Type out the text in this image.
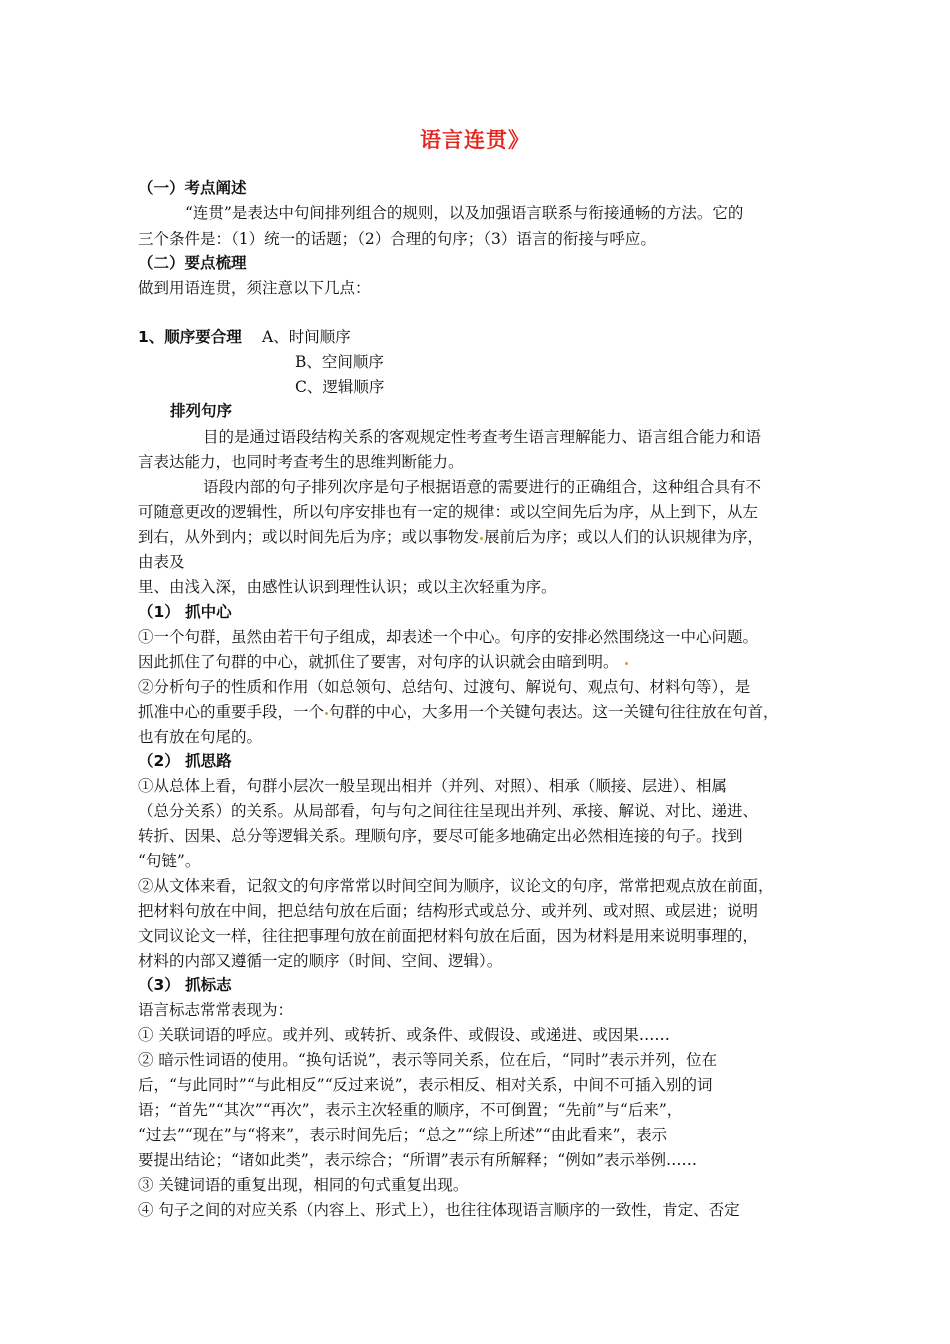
语言连贯》
（一）考点阐述
“连贯”是表达中句间排列组合的规则，以及加强语言联系与衔接通畅的方法。它的
三个条件是：（1）统一的话题；（2）合理的句序；（3）语言的衔接与呼应。
（二）要点梳理
做到用语连贯，须注意以下几点：
1、顺序要合理 A、时间顺序
B、空间顺序
C、逻辑顺序
排列句序
目的是通过语段结构关系的客观规定性考查考生语言理解能力、语言组合能力和语
言表达能力，也同时考查考生的思维判断能力。
语段内部的句子排列次序是句子根据语意的需要进行的正确组合，这种组合具有不
可随意更改的逻辑性，所以句序安排也有一定的规律：或以空间先后为序，从上到下，从左
到右，从外到内；或以时间先后为序；或以事物发 展前后为序；或以人们的认识规律为序，
由表及
里、由浅入深，由感性认识到理性认识；或以主次轻重为序。
（1） 抓中心
①一个句群，虽然由若干句子组成，却表述一个中心。句序的安排必然围绕这一中心问题。
因此抓住了句群的中心，就抓住了要害，对句序的认识就会由暗到明。
②分析句子的性质和作用（如总领句、总结句、过渡句、解说句、观点句、材料句等），是
抓准中心的重要手段，一个 句群的中心，大多用一个关键句表达。这一关键句往往放在句首，
也有放在句尾的。
（2） 抓思路
①从总体上看，句群小层次一般呈现出相并（并列、对照）、相承（顺接、层进）、相属
（总分关系）的关系。从局部看，句与句之间往往呈现出并列、承接、解说、对比、递进、
转折、因果、总分等逻辑关系。理顺句序，要尽可能多地确定出必然相连接的句子。找到
“句链”。
②从文体来看，记叙文的句序常常以时间空间为顺序，议论文的句序，常常把观点放在前面，
把材料句放在中间，把总结句放在后面；结构形式或总分、或并列、或对照、或层进；说明
文同议论文一样，往往把事理句放在前面把材料句放在后面，因为材料是用来说明事理的，
材料的内部又遵循一定的顺序（时间、空间、逻辑）。
（3） 抓标志
语言标志常常表现为：
① 关联词语的呼应。或并列、或转折、或条件、或假设、或递进、或因果……
② 暗示性词语的使用。“换句话说”，表示等同关系，位在后，“同时”表示并列，位在
后，“与此同时”“与此相反”“反过来说”，表示相反、相对关系，中间不可插入别的词
语；“首先”“其次”“再次”，表示主次轻重的顺序，不可倒置；“先前”与“后来”，
“过去”“现在”与“将来”，表示时间先后；“总之”“综上所述”“由此看来”，表示
要提出结论；“诸如此类”，表示综合；“所谓”表示有所解释；“例如”表示举例……
③ 关键词语的重复出现，相同的句式重复出现。
④ 句子之间的对应关系（内容上、形式上），也往往体现语言顺序的一致性，肯定、否定
